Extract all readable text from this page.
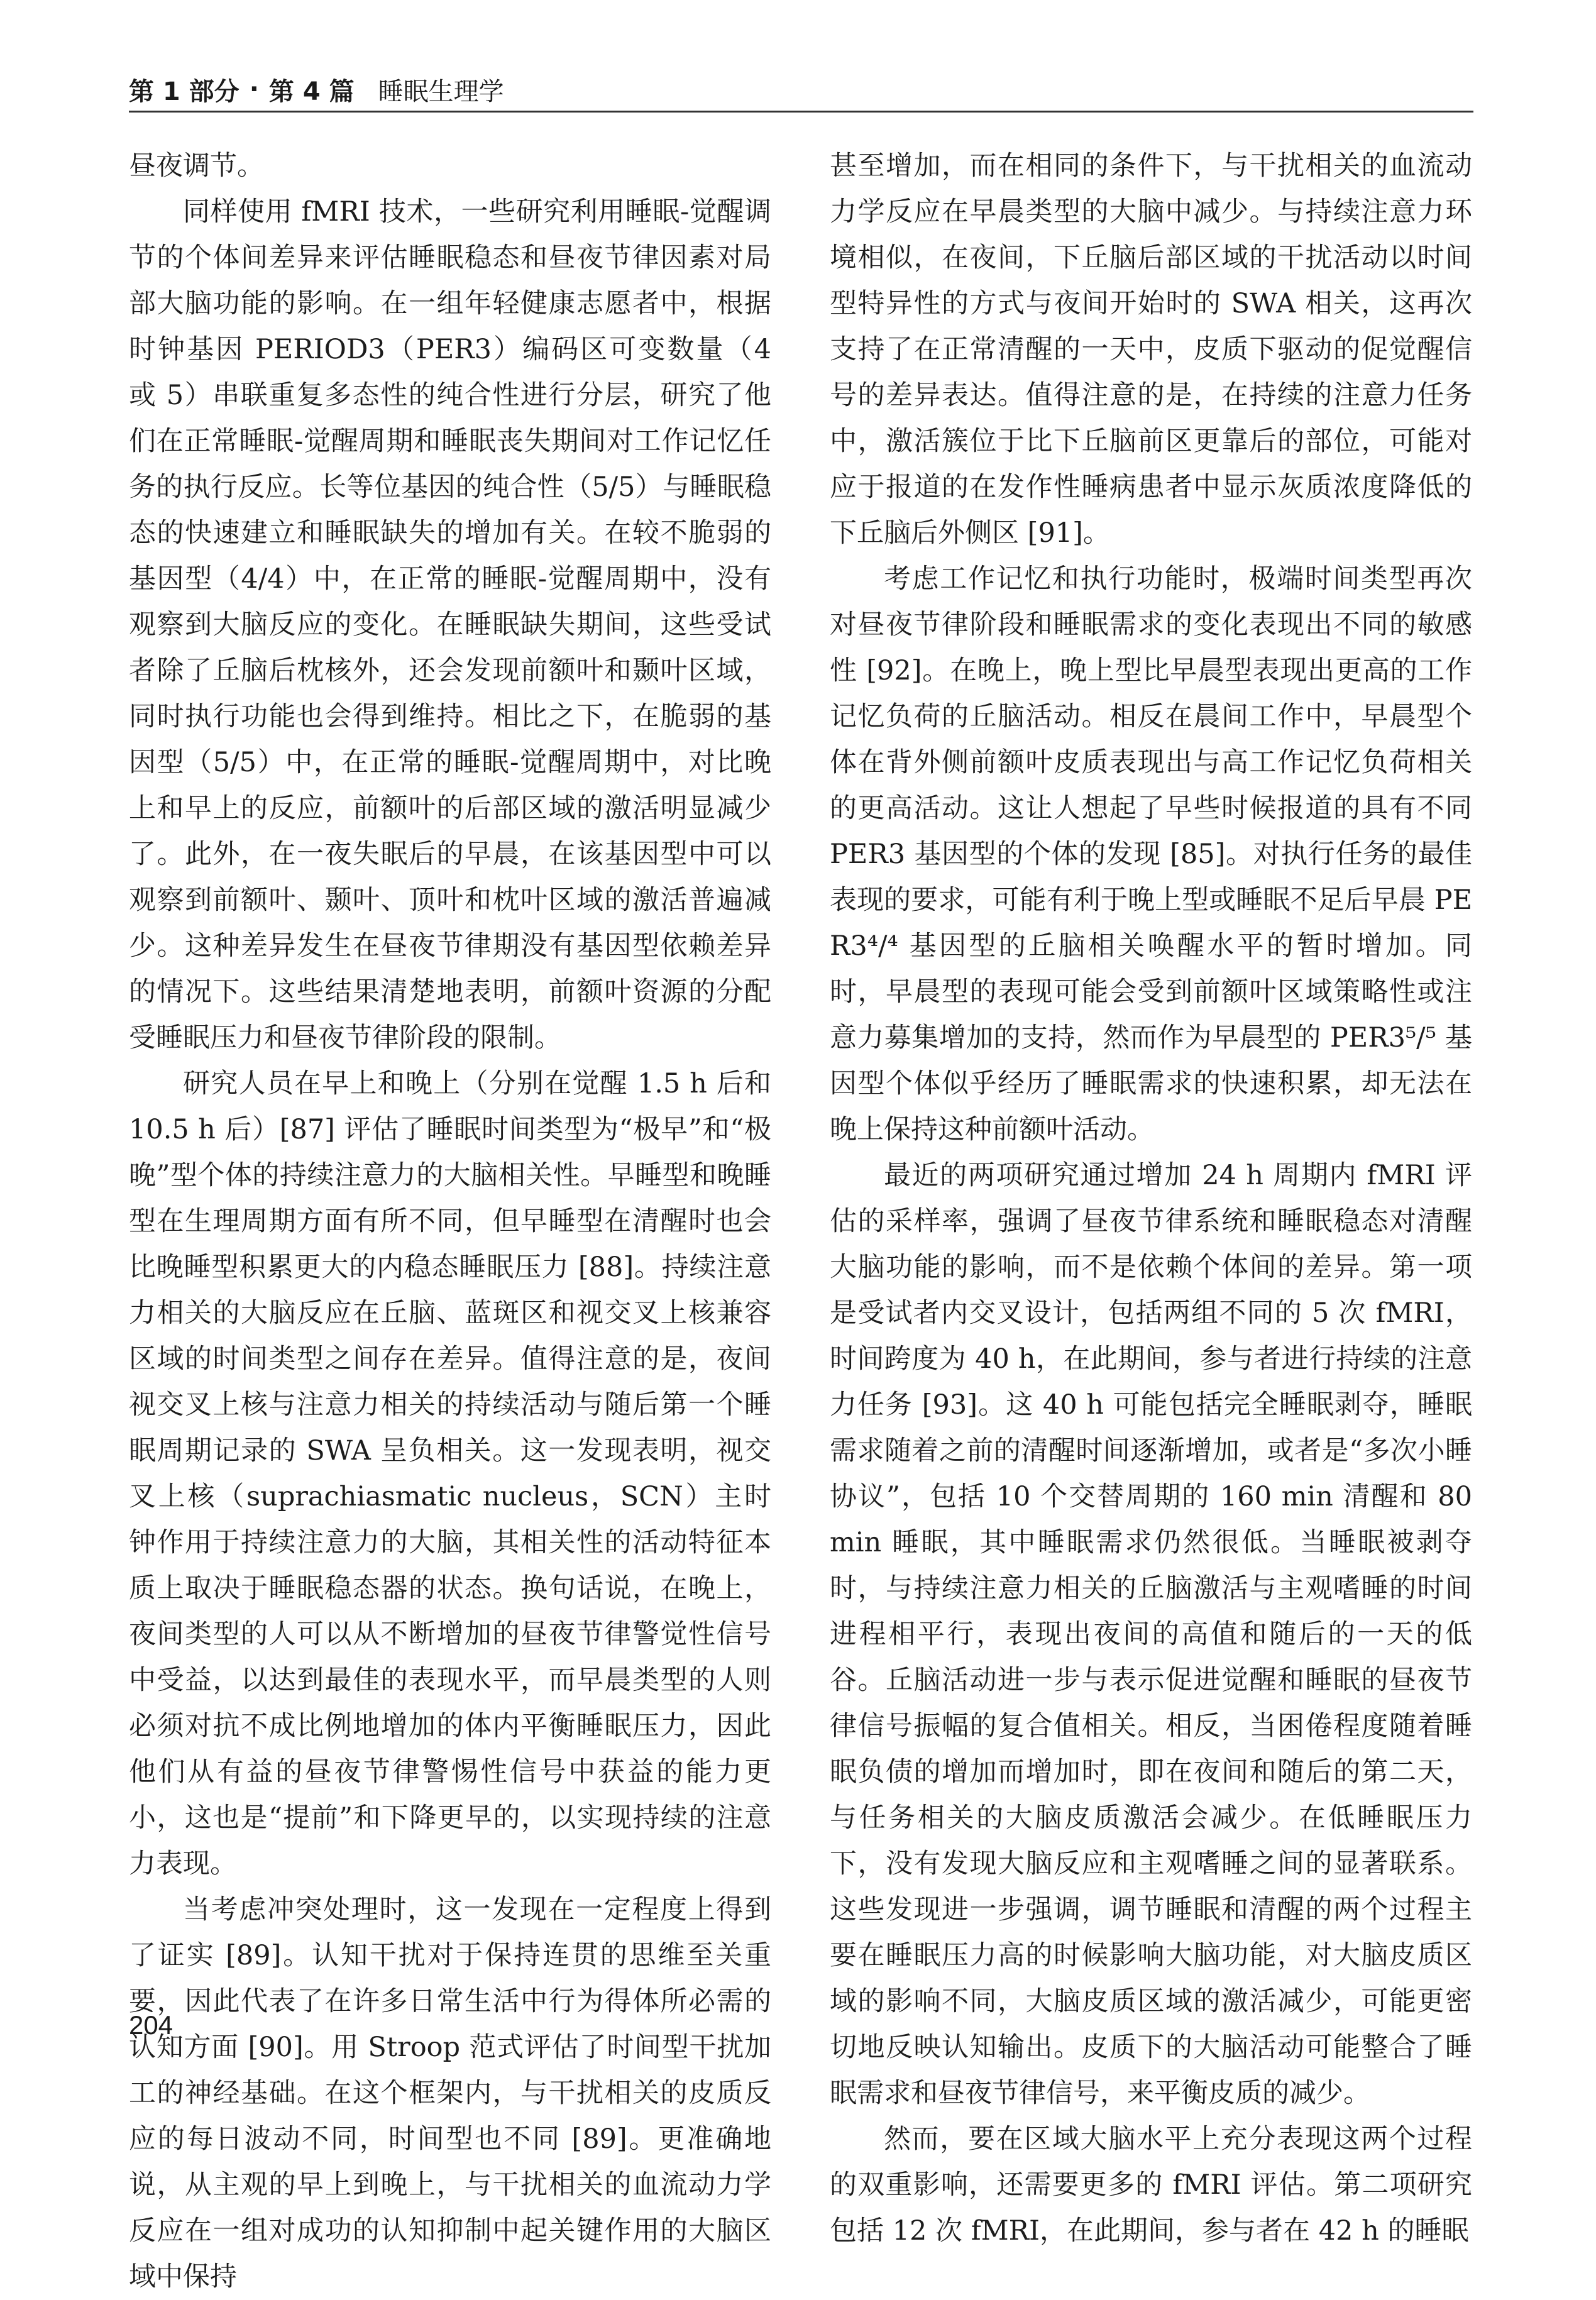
第 1 部分 · 第 4 篇 睡眠生理学

昼夜调节。

同样使用 fMRI 技术，一些研究利用睡眠-觉醒调节的个体间差异来评估睡眠稳态和昼夜节律因素对局部大脑功能的影响。在一组年轻健康志愿者中，根据时钟基因 PERIOD3（PER3）编码区可变数量（4 或 5）串联重复多态性的纯合性进行分层，研究了他们在正常睡眠-觉醒周期和睡眠丧失期间对工作记忆任务的执行反应。长等位基因的纯合性（5/5）与睡眠稳态的快速建立和睡眠缺失的增加有关。在较不脆弱的基因型（4/4）中，在正常的睡眠-觉醒周期中，没有观察到大脑反应的变化。在睡眠缺失期间，这些受试者除了丘脑后枕核外，还会发现前额叶和颞叶区域，同时执行功能也会得到维持。相比之下，在脆弱的基因型（5/5）中，在正常的睡眠-觉醒周期中，对比晚上和早上的反应，前额叶的后部区域的激活明显减少了。此外，在一夜失眠后的早晨，在该基因型中可以观察到前额叶、颞叶、顶叶和枕叶区域的激活普遍减少。这种差异发生在昼夜节律期没有基因型依赖差异的情况下。这些结果清楚地表明，前额叶资源的分配受睡眠压力和昼夜节律阶段的限制。

研究人员在早上和晚上（分别在觉醒 1.5 h 后和 10.5 h 后）[87] 评估了睡眠时间类型为“极早”和“极晚”型个体的持续注意力的大脑相关性。早睡型和晚睡型在生理周期方面有所不同，但早睡型在清醒时也会比晚睡型积累更大的内稳态睡眠压力 [88]。持续注意力相关的大脑反应在丘脑、蓝斑区和视交叉上核兼容区域的时间类型之间存在差异。值得注意的是，夜间视交叉上核与注意力相关的持续活动与随后第一个睡眠周期记录的 SWA 呈负相关。这一发现表明，视交叉上核（suprachiasmatic nucleus，SCN）主时钟作用于持续注意力的大脑，其相关性的活动特征本质上取决于睡眠稳态器的状态。换句话说，在晚上，夜间类型的人可以从不断增加的昼夜节律警觉性信号中受益，以达到最佳的表现水平，而早晨类型的人则必须对抗不成比例地增加的体内平衡睡眠压力，因此他们从有益的昼夜节律警惕性信号中获益的能力更小，这也是“提前”和下降更早的，以实现持续的注意力表现。

当考虑冲突处理时，这一发现在一定程度上得到了证实 [89]。认知干扰对于保持连贯的思维至关重要，因此代表了在许多日常生活中行为得体所必需的认知方面 [90]。用 Stroop 范式评估了时间型干扰加工的神经基础。在这个框架内，与干扰相关的皮质反应的每日波动不同，时间型也不同 [89]。更准确地说，从主观的早上到晚上，与干扰相关的血流动力学反应在一组对成功的认知抑制中起关键作用的大脑区域中保持

甚至增加，而在相同的条件下，与干扰相关的血流动力学反应在早晨类型的大脑中减少。与持续注意力环境相似，在夜间，下丘脑后部区域的干扰活动以时间型特异性的方式与夜间开始时的 SWA 相关，这再次支持了在正常清醒的一天中，皮质下驱动的促觉醒信号的差异表达。值得注意的是，在持续的注意力任务中，激活簇位于比下丘脑前区更靠后的部位，可能对应于报道的在发作性睡病患者中显示灰质浓度降低的下丘脑后外侧区 [91]。

考虑工作记忆和执行功能时，极端时间类型再次对昼夜节律阶段和睡眠需求的变化表现出不同的敏感性 [92]。在晚上，晚上型比早晨型表现出更高的工作记忆负荷的丘脑活动。相反在晨间工作中，早晨型个体在背外侧前额叶皮质表现出与高工作记忆负荷相关的更高活动。这让人想起了早些时候报道的具有不同 PER3 基因型的个体的发现 [85]。对执行任务的最佳表现的要求，可能有利于晚上型或睡眠不足后早晨 PER3⁴/⁴ 基因型的丘脑相关唤醒水平的暂时增加。同时，早晨型的表现可能会受到前额叶区域策略性或注意力募集增加的支持，然而作为早晨型的 PER3⁵/⁵ 基因型个体似乎经历了睡眠需求的快速积累，却无法在晚上保持这种前额叶活动。

最近的两项研究通过增加 24 h 周期内 fMRI 评估的采样率，强调了昼夜节律系统和睡眠稳态对清醒大脑功能的影响，而不是依赖个体间的差异。第一项是受试者内交叉设计，包括两组不同的 5 次 fMRI，时间跨度为 40 h，在此期间，参与者进行持续的注意力任务 [93]。这 40 h 可能包括完全睡眠剥夺，睡眠需求随着之前的清醒时间逐渐增加，或者是“多次小睡协议”，包括 10 个交替周期的 160 min 清醒和 80 min 睡眠，其中睡眠需求仍然很低。当睡眠被剥夺时，与持续注意力相关的丘脑激活与主观嗜睡的时间进程相平行，表现出夜间的高值和随后的一天的低谷。丘脑活动进一步与表示促进觉醒和睡眠的昼夜节律信号振幅的复合值相关。相反，当困倦程度随着睡眠负债的增加而增加时，即在夜间和随后的第二天，与任务相关的大脑皮质激活会减少。在低睡眠压力下，没有发现大脑反应和主观嗜睡之间的显著联系。这些发现进一步强调，调节睡眠和清醒的两个过程主要在睡眠压力高的时候影响大脑功能，对大脑皮质区域的影响不同，大脑皮质区域的激活减少，可能更密切地反映认知输出。皮质下的大脑活动可能整合了睡眠需求和昼夜节律信号，来平衡皮质的减少。

然而，要在区域大脑水平上充分表现这两个过程的双重影响，还需要更多的 fMRI 评估。第二项研究包括 12 次 fMRI，在此期间，参与者在 42 h 的睡眠

204
